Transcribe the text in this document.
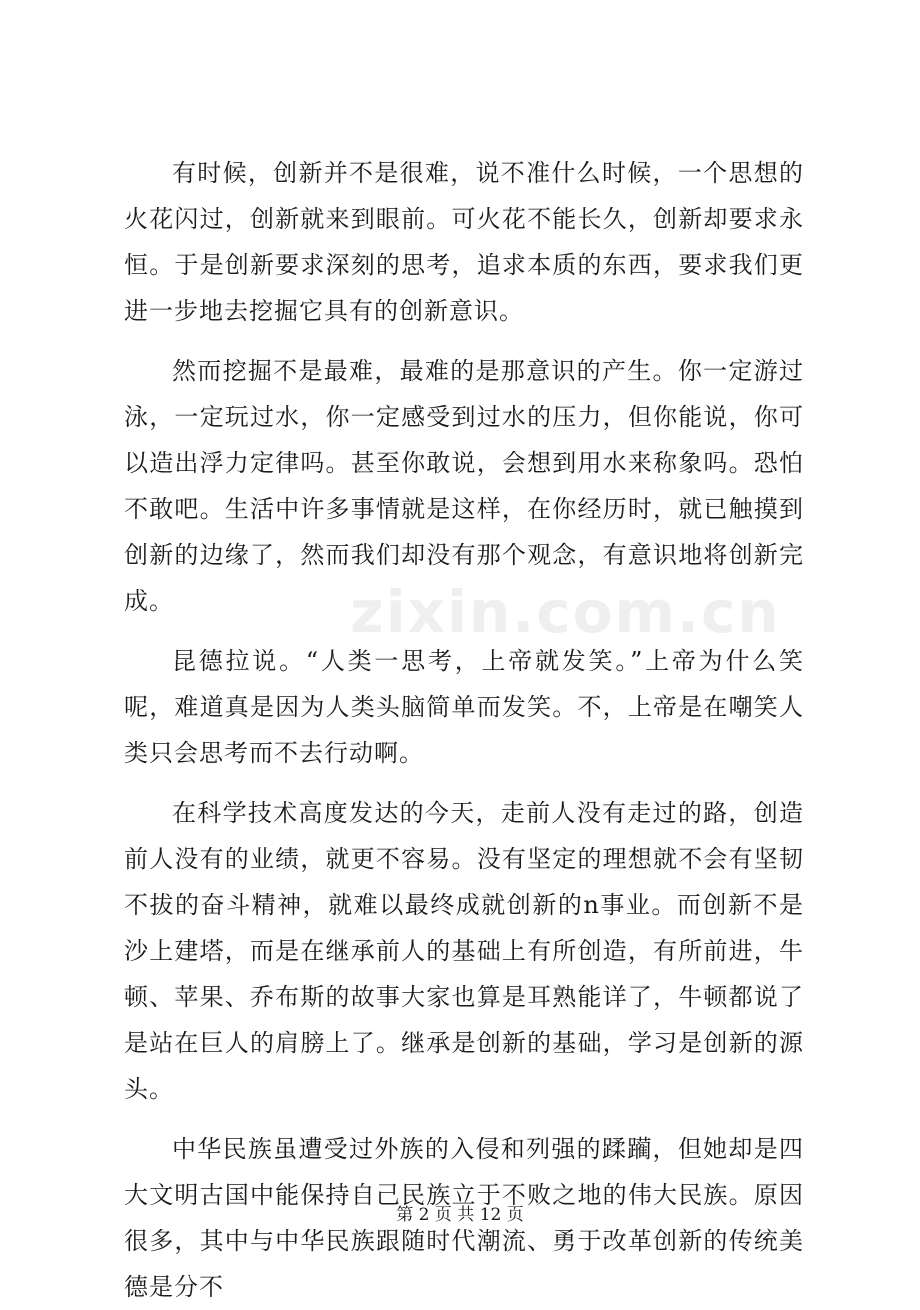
有时候，创新并不是很难，说不准什么时候，一个思想的火花闪过，创新就来到眼前。可火花不能长久，创新却要求永恒。于是创新要求深刻的思考，追求本质的东西，要求我们更进一步地去挖掘它具有的创新意识。

然而挖掘不是最难，最难的是那意识的产生。你一定游过泳，一定玩过水，你一定感受到过水的压力，但你能说，你可以造出浮力定律吗。甚至你敢说，会想到用水来称象吗。恐怕不敢吧。生活中许多事情就是这样，在你经历时，就已触摸到创新的边缘了，然而我们却没有那个观念，有意识地将创新完成。

昆德拉说。“人类一思考，上帝就发笑。”上帝为什么笑呢，难道真是因为人类头脑简单而发笑。不，上帝是在嘲笑人类只会思考而不去行动啊。

在科学技术高度发达的今天，走前人没有走过的路，创造前人没有的业绩，就更不容易。没有坚定的理想就不会有坚韧不拔的奋斗精神，就难以最终成就创新的n事业。而创新不是沙上建塔，而是在继承前人的基础上有所创造，有所前进，牛顿、苹果、乔布斯的故事大家也算是耳熟能详了，牛顿都说了是站在巨人的肩膀上了。继承是创新的基础，学习是创新的源头。

中华民族虽遭受过外族的入侵和列强的蹂躏，但她却是四大文明古国中能保持自己民族立于不败之地的伟大民族。原因很多，其中与中华民族跟随时代潮流、勇于改革创新的传统美德是分不

zixin.com.cn
第 2 页 共 12 页
